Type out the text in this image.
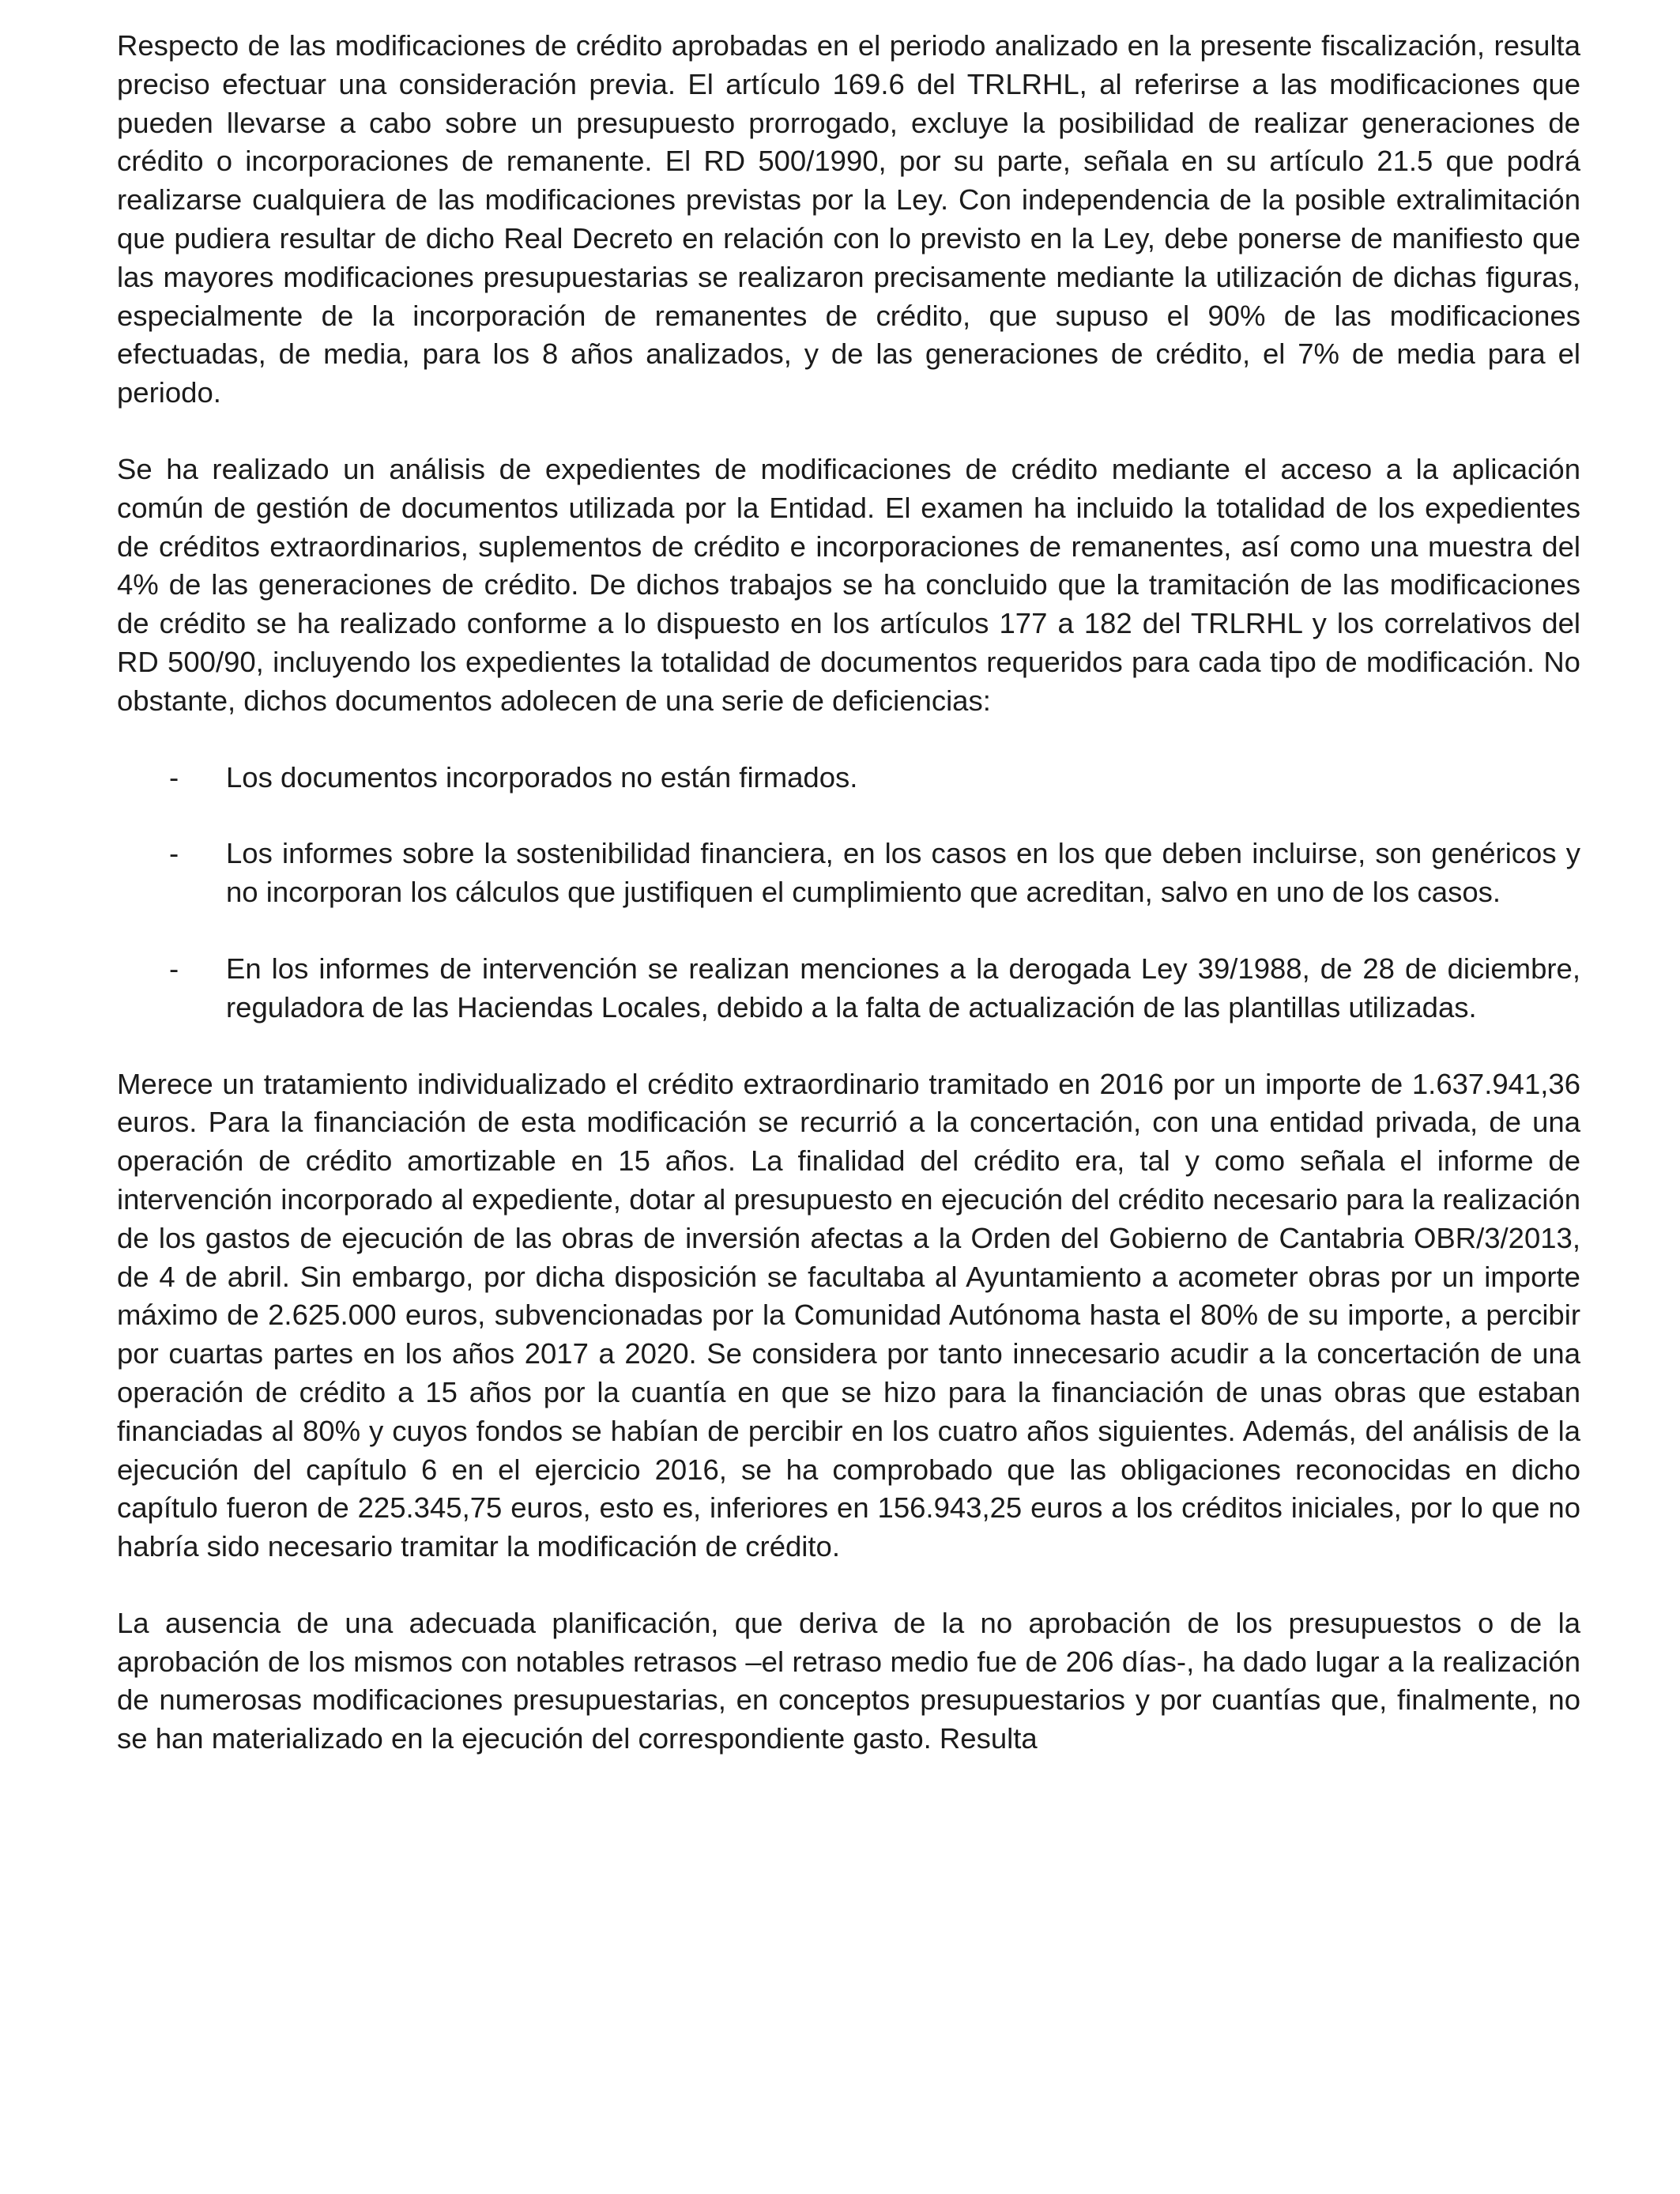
Respecto de las modificaciones de crédito aprobadas en el periodo analizado en la presente fiscalización, resulta preciso efectuar una consideración previa. El artículo 169.6 del TRLRHL, al referirse a las modificaciones que pueden llevarse a cabo sobre un presupuesto prorrogado, excluye la posibilidad de realizar generaciones de crédito o incorporaciones de remanente. El RD 500/1990, por su parte, señala en su artículo 21.5 que podrá realizarse cualquiera de las modificaciones previstas por la Ley. Con independencia de la posible extralimitación que pudiera resultar de dicho Real Decreto en relación con lo previsto en la Ley, debe ponerse de manifiesto que las mayores modificaciones presupuestarias se realizaron precisamente mediante la utilización de dichas figuras, especialmente de la incorporación de remanentes de crédito, que supuso el 90% de las modificaciones efectuadas, de media, para los 8 años analizados, y de las generaciones de crédito, el 7% de media para el periodo.

Se ha realizado un análisis de expedientes de modificaciones de crédito mediante el acceso a la aplicación común de gestión de documentos utilizada por la Entidad. El examen ha incluido la totalidad de los expedientes de créditos extraordinarios, suplementos de crédito e incorporaciones de remanentes, así como una muestra del 4% de las generaciones de crédito. De dichos trabajos se ha concluido que la tramitación de las modificaciones de crédito se ha realizado conforme a lo dispuesto en los artículos 177 a 182 del TRLRHL y los correlativos del RD 500/90, incluyendo los expedientes la totalidad de documentos requeridos para cada tipo de modificación. No obstante, dichos documentos adolecen de una serie de deficiencias:

- Los documentos incorporados no están firmados.

- Los informes sobre la sostenibilidad financiera, en los casos en los que deben incluirse, son genéricos y no incorporan los cálculos que justifiquen el cumplimiento que acreditan, salvo en uno de los casos.

- En los informes de intervención se realizan menciones a la derogada Ley 39/1988, de 28 de diciembre, reguladora de las Haciendas Locales, debido a la falta de actualización de las plantillas utilizadas.

Merece un tratamiento individualizado el crédito extraordinario tramitado en 2016 por un importe de 1.637.941,36 euros. Para la financiación de esta modificación se recurrió a la concertación, con una entidad privada, de una operación de crédito amortizable en 15 años. La finalidad del crédito era, tal y como señala el informe de intervención incorporado al expediente, dotar al presupuesto en ejecución del crédito necesario para la realización de los gastos de ejecución de las obras de inversión afectas a la Orden del Gobierno de Cantabria OBR/3/2013, de 4 de abril. Sin embargo, por dicha disposición se facultaba al Ayuntamiento a acometer obras por un importe máximo de 2.625.000 euros, subvencionadas por la Comunidad Autónoma hasta el 80% de su importe, a percibir por cuartas partes en los años 2017 a 2020. Se considera por tanto innecesario acudir a la concertación de una operación de crédito a 15 años por la cuantía en que se hizo para la financiación de unas obras que estaban financiadas al 80% y cuyos fondos se habían de percibir en los cuatro años siguientes. Además, del análisis de la ejecución del capítulo 6 en el ejercicio 2016, se ha comprobado que las obligaciones reconocidas en dicho capítulo fueron de 225.345,75 euros, esto es, inferiores en 156.943,25 euros a los créditos iniciales, por lo que no habría sido necesario tramitar la modificación de crédito.

La ausencia de una adecuada planificación, que deriva de la no aprobación de los presupuestos o de la aprobación de los mismos con notables retrasos –el retraso medio fue de 206 días-, ha dado lugar a la realización de numerosas modificaciones presupuestarias, en conceptos presupuestarios y por cuantías que, finalmente, no se han materializado en la ejecución del correspondiente gasto. Resulta
